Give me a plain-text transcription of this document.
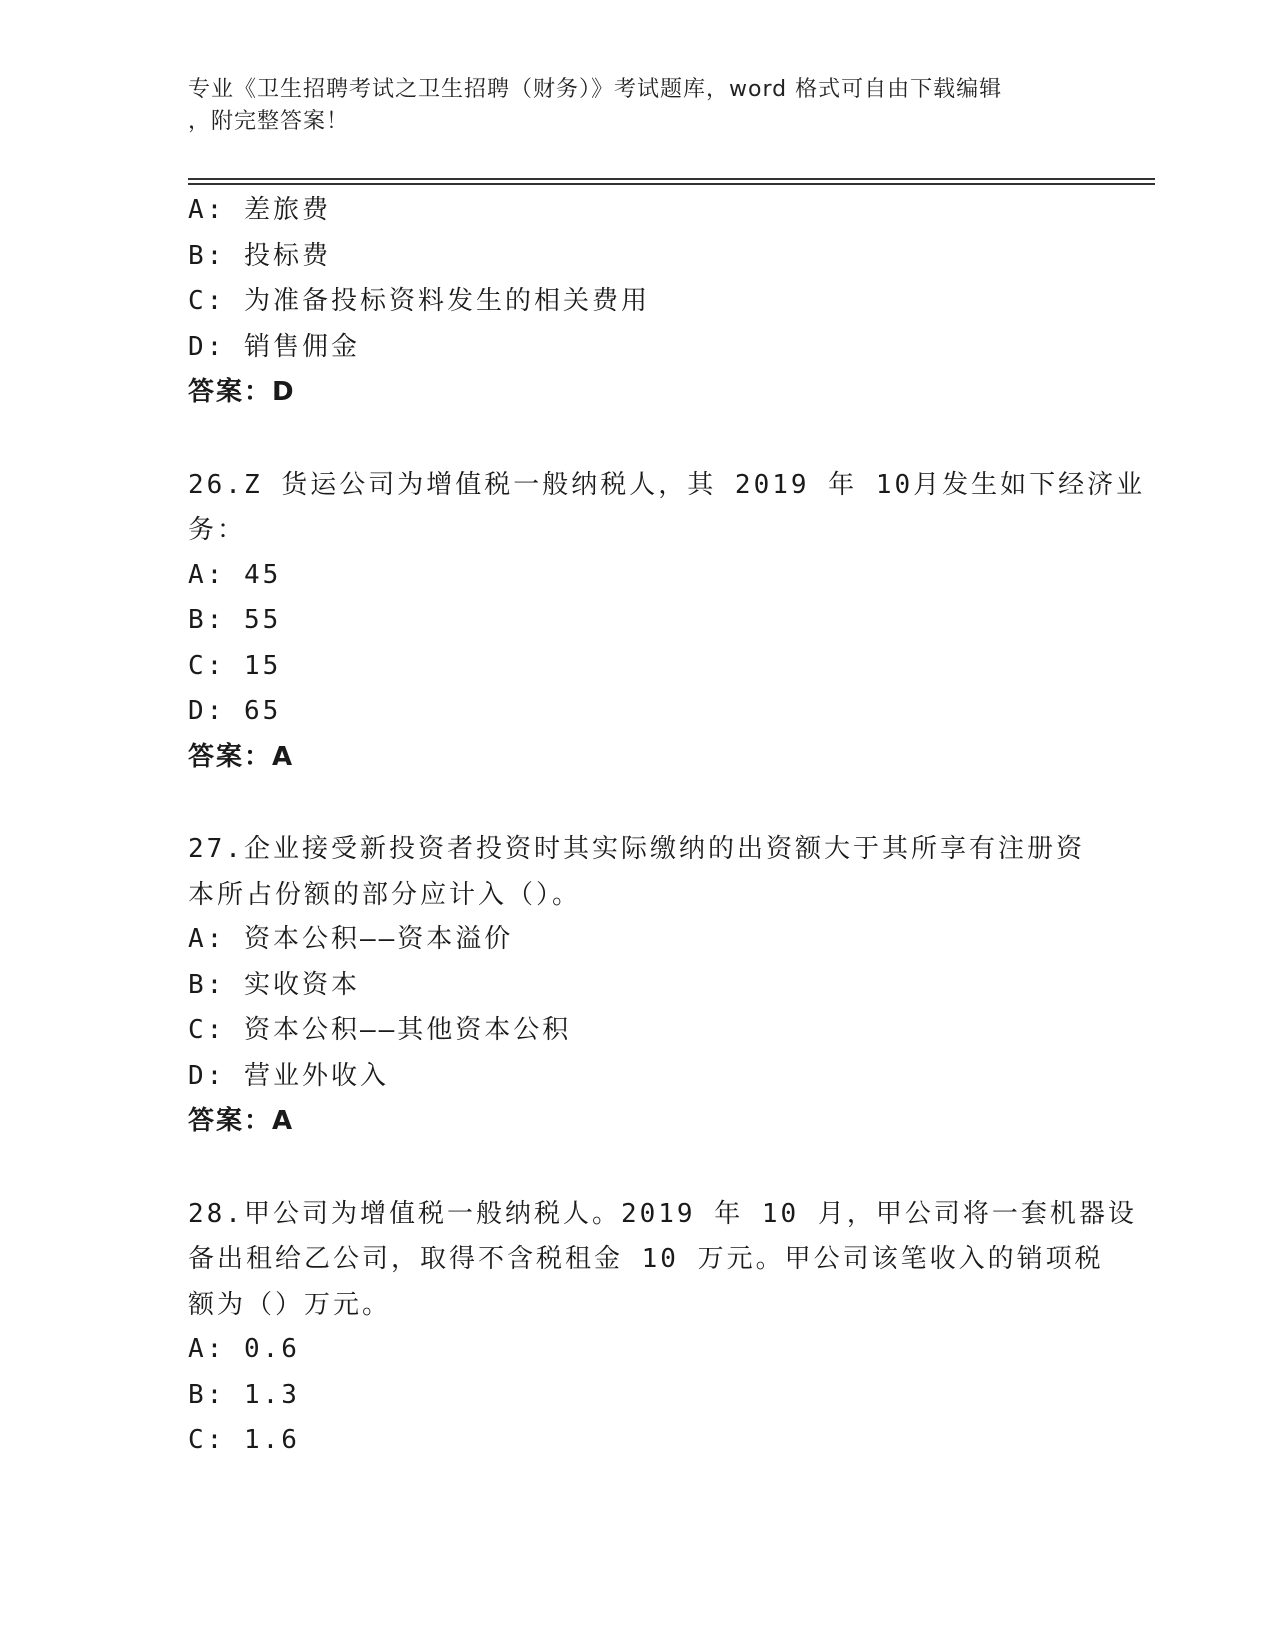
专业《卫生招聘考试之卫生招聘（财务）》考试题库，word 格式可自由下载编辑
，附完整答案！
A: 差旅费
B: 投标费
C: 为准备投标资料发生的相关费用
D: 销售佣金
答案：D
26.Z 货运公司为增值税一般纳税人，其 2019 年 10月发生如下经济业
务：
A: 45
B: 55
C: 15
D: 65
答案：A
27.企业接受新投资者投资时其实际缴纳的出资额大于其所享有注册资
本所占份额的部分应计入（）。
A: 资本公积——资本溢价
B: 实收资本
C: 资本公积——其他资本公积
D: 营业外收入
答案：A
28.甲公司为增值税一般纳税人。2019 年 10 月，甲公司将一套机器设
备出租给乙公司，取得不含税租金 10 万元。甲公司该笔收入的销项税
额为（）万元。
A: 0.6
B: 1.3
C: 1.6
